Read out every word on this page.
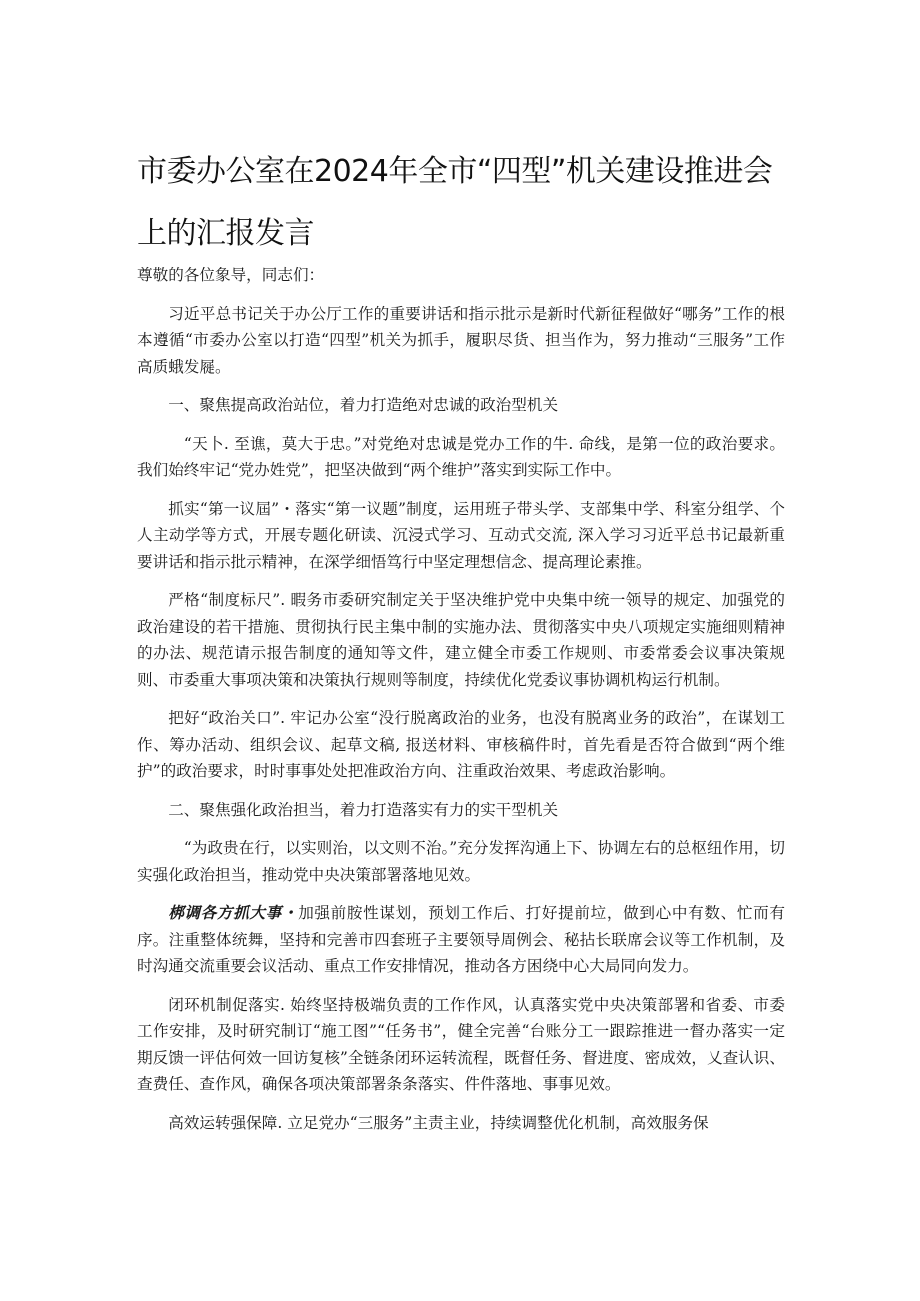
市委办公室在2024年全市“四型”机关建设推进会
上的汇报发言

尊敬的各位象导，同志们：

习近平总书记关于办公厅工作的重要讲话和指示批示是新时代新征程做好“哪务”工作的根本遵循“市委办公室以打造“四型”机关为抓手，履职尽货、担当作为，努力推动“三服务”工作高质蛾发屣。

一、聚焦提高政治站位，着力打造绝对忠诚的政治型机关

“天卜. 至谯，莫大于忠。”对党绝对忠诚是党办工作的牛. 命线，是第一位的政治要求。我们始终牢记“党办姓党”，把坚决做到“两个维护”落实到实际工作中。

抓实“第一议屆”・落实“第一议题”制度，运用班子带头学、支部集中学、科室分组学、个人主动学等方式，开展专题化研读、沉浸式学习、互动式交流, 深入学习习近平总书记最新重要讲话和指示批示精神，在深学细悟笃行中坚定理想信念、提高理论素推。

严格“制度标尺”. 暇务市委研究制定关于坚决维护党中央集中统一领导的规定、加强党的政治建设的若干措施、贯彻执行民主集中制的实施办法、贯彻落实中央八项规定实施细则精神的办法、规范请示报告制度的通知等文件，建立健全市委工作规则、市委常委会议事决策规则、市委重大事项决策和决策执行规则等制度，持续优化党委议事协调机构运行机制。

把好“政治关口”. 牢记办公室“没行脱离政治的业务，也没有脱离业务的政治”，在谋划工作、筹办活动、组织会议、起草文稿, 报送材料、审核稿件时，首先看是否符合做到“两个维护”的政治要求，时时事事处处把准政治方向、注重政治效果、考虑政治影响。

二、聚焦强化政治担当，着力打造落实有力的实干型机关

“为政贵在行，以实则治，以文则不治。”充分发挥沟通上下、协调左右的总枢纽作用，切实强化政治担当，推动党中央决策部署落地见效。

梆调各方抓大事・加强前胺性谋划，预划工作后、打好提前垃，做到心中有数、忙而有序。注重整体统舞，坚持和完善市四套班子主要领导周例会、秘拈长联席会议等工作机制，及时沟通交流重要会议活动、重点工作安排情况，推动各方困绕中心大局同向发力。

闭环机制促落实. 始终坚持极端负责的工作作风，认真落实党中央决策部署和省委、市委工作安排，及时研究制订“施工图”“任务书”，健全完善“台账分工一跟踪推进一督办落实一定期反馈一评估何效一回访复核”全链条闭环运转流程，既督任务、督进度、密成效，乂查认识、查费任、查作风，确保各项决策部署条条落实、件件落地、事事见效。

高效运转强保障. 立足党办“三服务”主责主业，持续调整优化机制，高效服务保
